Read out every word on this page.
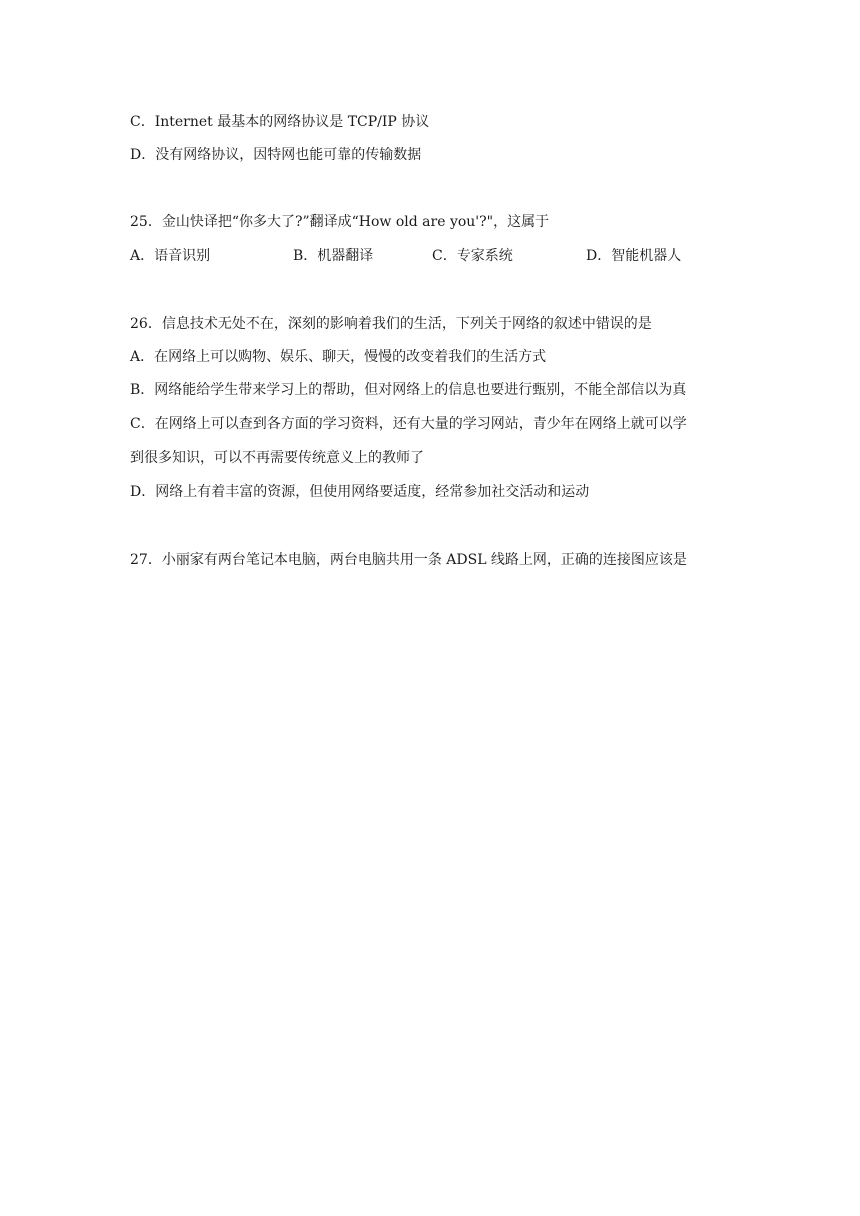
C．Internet 最基本的网络协议是 TCP/IP 协议
D．没有网络协议，因特网也能可靠的传输数据
25．金山快译把“你多大了?”翻译成“How old are you'?"，这属于
A．语音识别	B．机器翻译	C．专家系统	D．智能机器人
26．信息技术无处不在，深刻的影响着我们的生活，下列关于网络的叙述中错误的是
A．在网络上可以购物、娱乐、聊天，慢慢的改变着我们的生活方式
B．网络能给学生带来学习上的帮助，但对网络上的信息也要进行甄别，不能全部信以为真
C．在网络上可以查到各方面的学习资料，还有大量的学习网站，青少年在网络上就可以学
到很多知识，可以不再需要传统意义上的教师了
D．网络上有着丰富的资源，但使用网络要适度，经常参加社交活动和运动
27．小丽家有两台笔记本电脑，两台电脑共用一条 ADSL 线路上网，正确的连接图应该是
